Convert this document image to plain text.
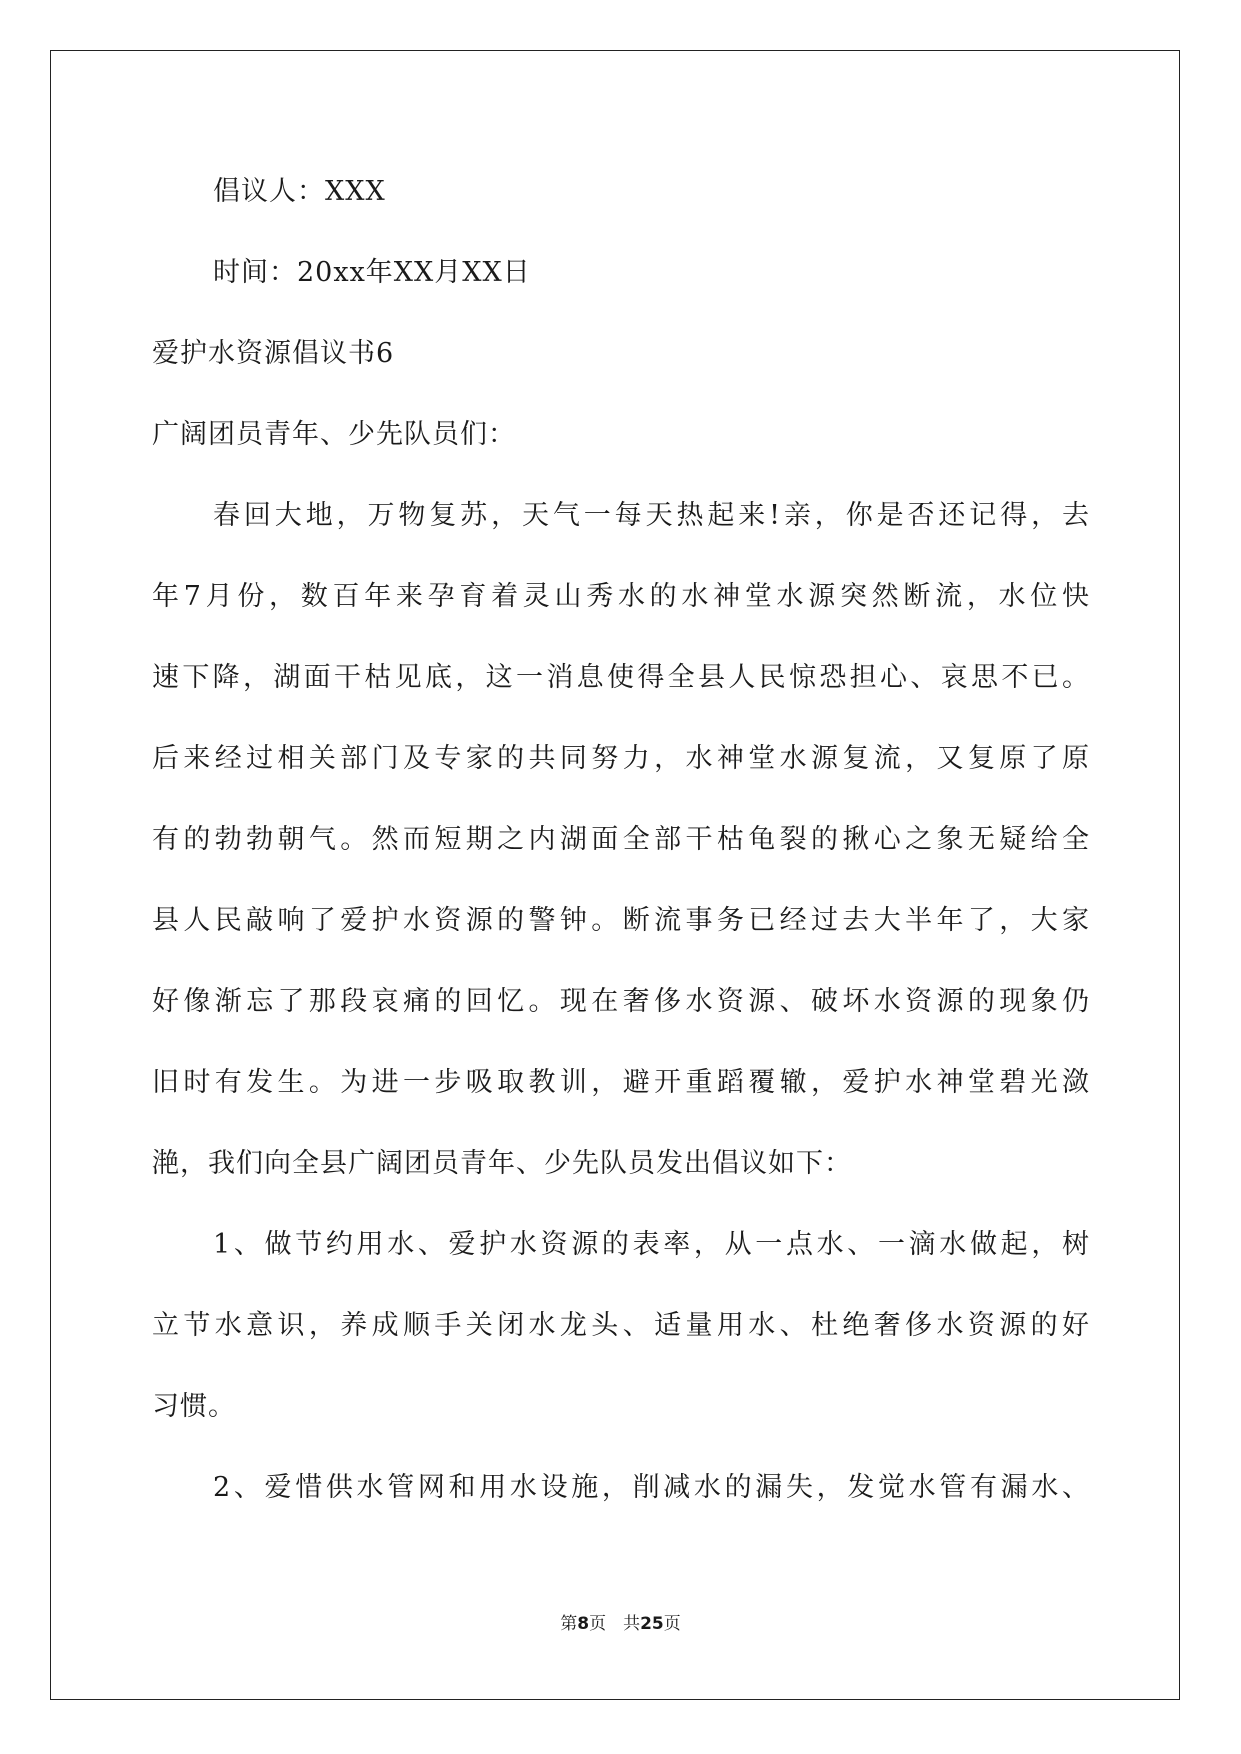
倡议人：XXX
时间：20xx年XX月XX日
爱护水资源倡议书6
广阔团员青年、少先队员们：
春回大地，万物复苏，天气一每天热起来!亲，你是否还记得，去
年7月份，数百年来孕育着灵山秀水的水神堂水源突然断流，水位快
速下降，湖面干枯见底，这一消息使得全县人民惊恐担心、哀思不已。
后来经过相关部门及专家的共同努力，水神堂水源复流，又复原了原
有的勃勃朝气。然而短期之内湖面全部干枯龟裂的揪心之象无疑给全
县人民敲响了爱护水资源的警钟。断流事务已经过去大半年了，大家
好像渐忘了那段哀痛的回忆。现在奢侈水资源、破坏水资源的现象仍
旧时有发生。为进一步吸取教训，避开重蹈覆辙，爱护水神堂碧光潋
滟，我们向全县广阔团员青年、少先队员发出倡议如下：
1、做节约用水、爱护水资源的表率，从一点水、一滴水做起，树
立节水意识，养成顺手关闭水龙头、适量用水、杜绝奢侈水资源的好
习惯。
2、爱惜供水管网和用水设施，削减水的漏失，发觉水管有漏水、
第8页　共25页
